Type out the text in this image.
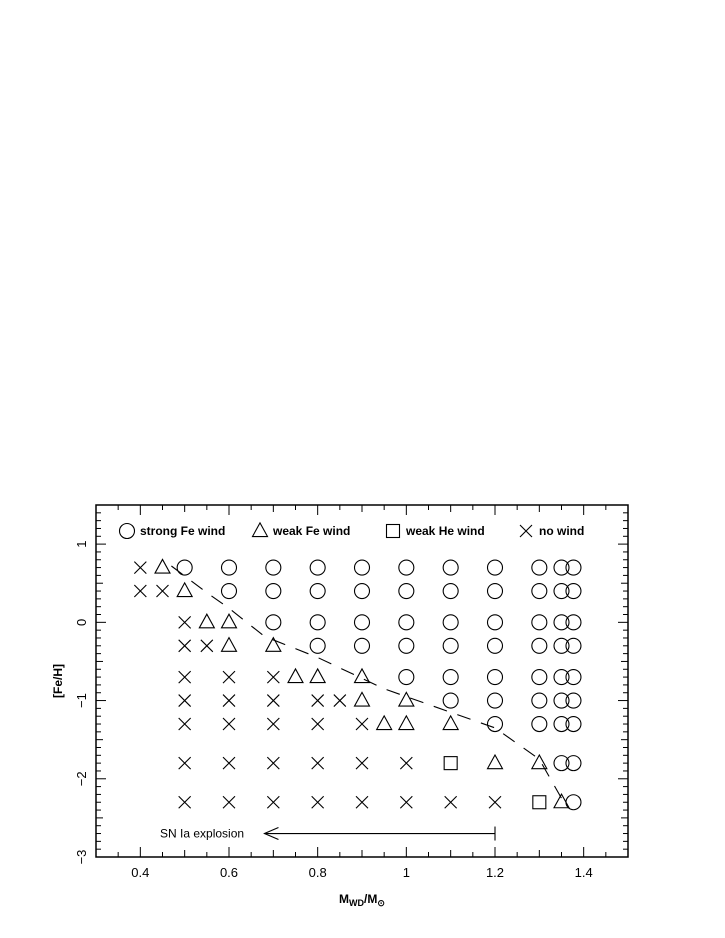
0.4	0.6	0.8	1	1.2	1.4
1
0
−1
−2
−3
strong Fe wind	weak Fe wind	weak He wind	no wind
SN Ia explosion
[Fe/H]
$M_{WD}/M_⊙$
